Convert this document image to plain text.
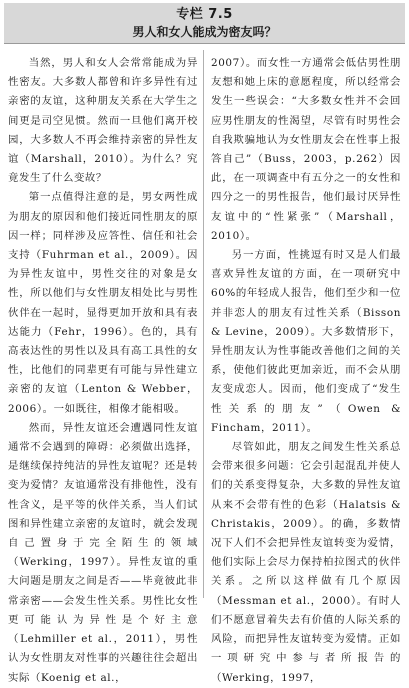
专栏 7.5
男人和女人能成为密友吗？

当然，男人和女人会常常能成为异性密友。大多数人都曾和许多异性有过亲密的友谊，这种朋友关系在大学生之间更是司空见惯。然而一旦他们离开校园，大多数人不再会维持亲密的异性友谊（Marshall，2010）。为什么？究竟发生了什么变故？

第一点值得注意的是，男女两性成为朋友的原因和他们接近同性朋友的原因一样；同样涉及应答性、信任和社会支持（Fuhrman et al.，2009）。因为异性友谊中，男性交往的对象是女性，所以他们与女性朋友相处比与男性伙伴在一起时，显得更加开放和具有表达能力（Fehr，1996）。色的，具有高表达性的男性以及具有高工具性的女性，比他们的同辈更有可能与异性建立亲密的友谊（Lenton & Webber，2006）。一如既往，相像才能相吸。

然而，异性友谊还会遭遇同性友谊通常不会遇到的障碍：必须做出选择，是继续保持纯洁的异性友谊呢？还是转变为爱情？友谊通常没有排他性，没有性含义，是平等的伙伴关系，当人们试图和异性建立亲密的友谊时，就会发现自己置身于完全陌生的领域（Werking，1997）。异性友谊的重大问题是朋友之间是否——毕竟彼此非常亲密——会发生性关系。男性比女性更可能认为异性是个好主意（Lehmiller et al.，2011），男性认为女性朋友对性事的兴趣往往会超出实际（Koenig et al.，

2007）。而女性一方通常会低估男性朋友想和她上床的意愿程度，所以经常会发生一些误会：“大多数女性并不会回应男性朋友的性渴望，尽管有时男性会自我欺骗地认为女性朋友会在性事上报答自己”（Buss，2003，p.262）因此，在一项调查中有五分之一的女性和四分之一的男性报告，他们最讨厌异性友谊中的“性紧张”（Marshall，2010）。

另一方面，性挑逗有时又是人们最喜欢异性友谊的方面，在一项研究中60%的年轻成人报告，他们至少和一位并非恋人的朋友有过性关系（Bisson & Levine，2009）。大多数情形下，异性朋友认为性事能改善他们之间的关系，使他们彼此更加亲近，而不会从朋友变成恋人。因而，他们变成了“发生性关系的朋友”（Owen & Fincham，2011）。

尽管如此，朋友之间发生性关系总会带来很多问题：它会引起混乱并使人们的关系变得复杂，大多数的异性友谊从来不会带有性的色彩（Halatsis & Christakis，2009）。的确，多数情况下人们不会把异性友谊转变为爱情，他们实际上会尽力保持柏拉图式的伙伴关系。之所以这样做有几个原因（Messman et al.，2000）。有时人们不愿意冒着失去有价值的人际关系的风险，而把异性友谊转变为爱情。正如一项研究中参与者所报告的（Werking，1997，
